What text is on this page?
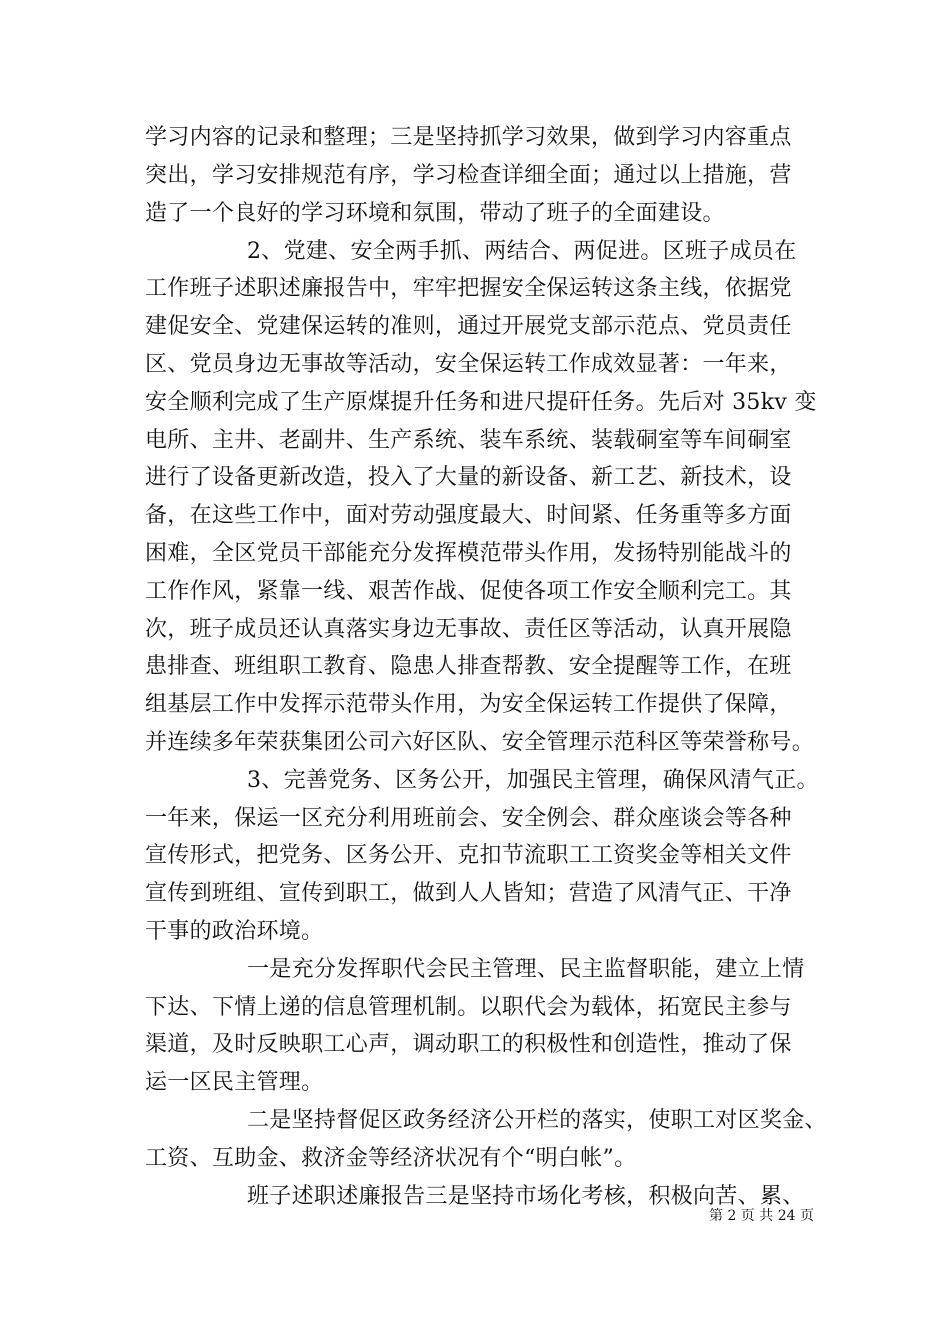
学习内容的记录和整理；三是坚持抓学习效果，做到学习内容重点
突出，学习安排规范有序，学习检查详细全面；通过以上措施，营
造了一个良好的学习环境和氛围，带动了班子的全面建设。
2、党建、安全两手抓、两结合、两促进。区班子成员在
工作班子述职述廉报告中，牢牢把握安全保运转这条主线，依据党
建促安全、党建保运转的准则，通过开展党支部示范点、党员责任
区、党员身边无事故等活动，安全保运转工作成效显著：一年来，
安全顺利完成了生产原煤提升任务和进尺提矸任务。先后对 35kv 变
电所、主井、老副井、生产系统、装车系统、装载硐室等车间硐室
进行了设备更新改造，投入了大量的新设备、新工艺、新技术，设
备，在这些工作中，面对劳动强度最大、时间紧、任务重等多方面
困难，全区党员干部能充分发挥模范带头作用，发扬特别能战斗的
工作作风，紧靠一线、艰苦作战、促使各项工作安全顺利完工。其
次，班子成员还认真落实身边无事故、责任区等活动，认真开展隐
患排查、班组职工教育、隐患人排查帮教、安全提醒等工作，在班
组基层工作中发挥示范带头作用，为安全保运转工作提供了保障，
并连续多年荣获集团公司六好区队、安全管理示范科区等荣誉称号。
3、完善党务、区务公开，加强民主管理，确保风清气正。
一年来，保运一区充分利用班前会、安全例会、群众座谈会等各种
宣传形式，把党务、区务公开、克扣节流职工工资奖金等相关文件
宣传到班组、宣传到职工，做到人人皆知；营造了风清气正、干净
干事的政治环境。
一是充分发挥职代会民主管理、民主监督职能，建立上情
下达、下情上递的信息管理机制。以职代会为载体，拓宽民主参与
渠道，及时反映职工心声，调动职工的积极性和创造性，推动了保
运一区民主管理。
二是坚持督促区政务经济公开栏的落实，使职工对区奖金、
工资、互助金、救济金等经济状况有个“明白帐”。
班子述职述廉报告三是坚持市场化考核，积极向苦、累、
第 2 页 共 24 页
